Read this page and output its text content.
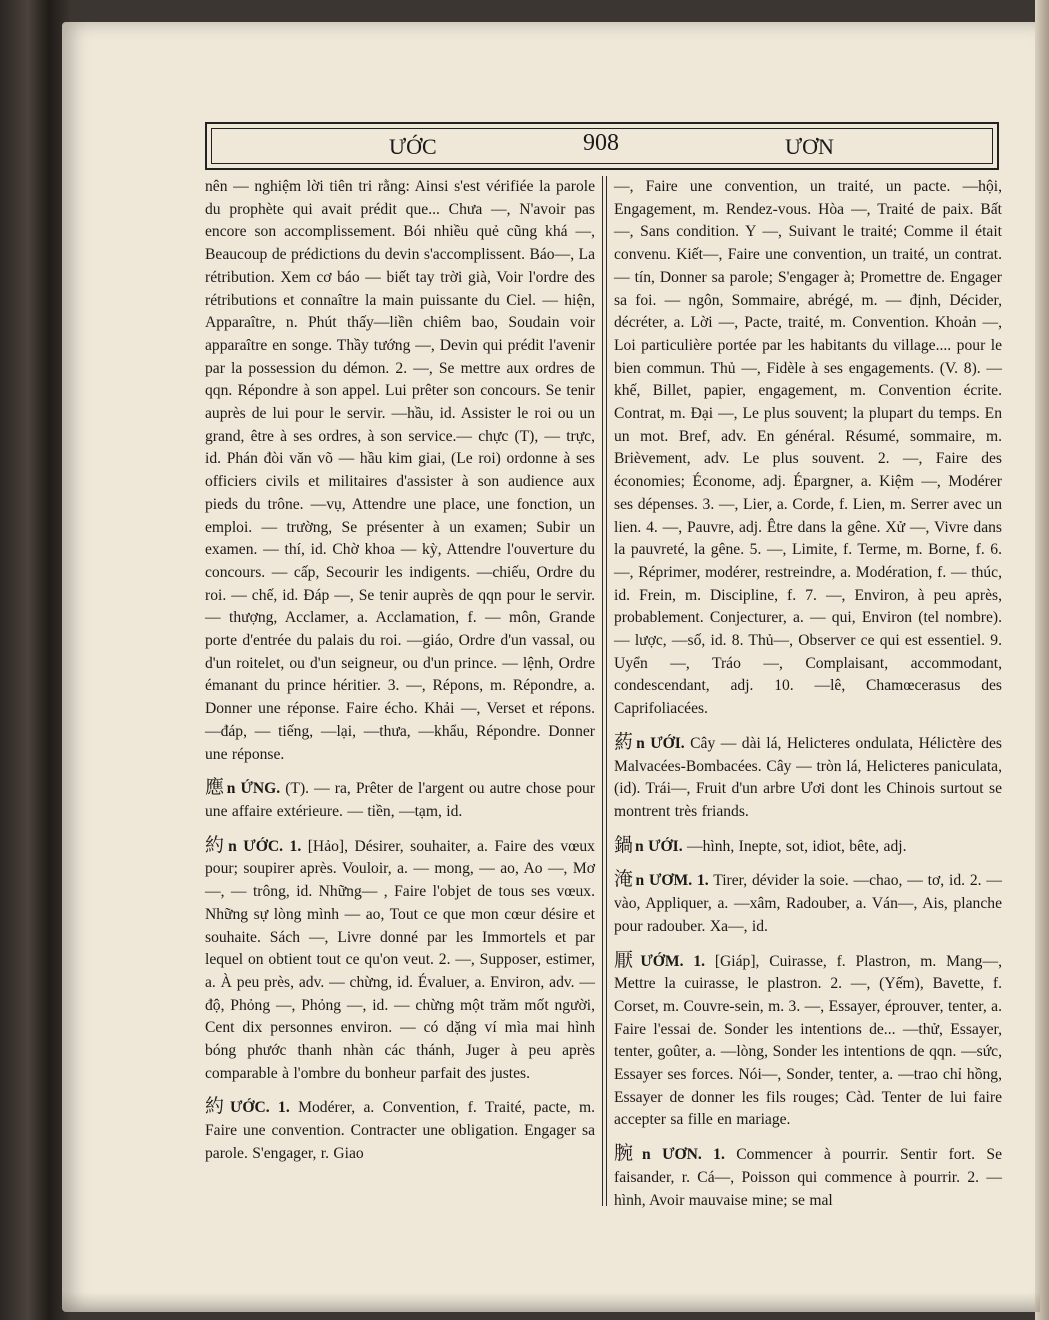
ƯỚC	908	ƯƠN

nên — nghiệm lời tiên tri rằng: Ainsi s'est vérifiée la parole du prophète qui avait prédit que... Chưa —, N'avoir pas encore son accomplissement. Bói nhiều quẻ cũng khá —, Beaucoup de prédictions du devin s'accomplissent. Báo—, La rétribution. Xem cơ báo — biết tay trời già, Voir l'ordre des rétributions et connaître la main puissante du Ciel. — hiện, Apparaître, n. Phút thấy—liền chiêm bao, Soudain voir apparaître en songe. Thầy tướng —, Devin qui prédit l'avenir par la possession du démon. 2. —, Se mettre aux ordres de qqn. Répondre à son appel. Lui prêter son concours. Se tenir auprès de lui pour le servir. —hầu, id. Assister le roi ou un grand, être à ses ordres, à son service.— chực (T), — trực, id. Phán đòi văn võ — hầu kim giai, (Le roi) ordonne à ses officiers civils et militaires d'assister à son audience aux pieds du trône. —vụ, Attendre une place, une fonction, un emploi. — trường, Se présenter à un examen; Subir un examen. — thí, id. Chờ khoa — kỳ, Attendre l'ouverture du concours. — cấp, Secourir les indigents. —chiếu, Ordre du roi. — chế, id. Đáp —, Se tenir auprès de qqn pour le servir. — thượng, Acclamer, a. Acclamation, f. — môn, Grande porte d'entrée du palais du roi. —giáo, Ordre d'un vassal, ou d'un roitelet, ou d'un seigneur, ou d'un prince. — lệnh, Ordre émanant du prince héritier. 3. —, Répons, m. Répondre, a. Donner une réponse. Faire écho. Khải —, Verset et répons. —đáp, — tiếng, —lại, —thưa, —khẩu, Répondre. Donner une réponse.

應 n ỨNG. (T). — ra, Prêter de l'argent ou autre chose pour une affaire extérieure. — tiền, —tạm, id.

約 n ƯỚC. 1. [Hảo], Désirer, souhaiter, a. Faire des vœux pour; soupirer après. Vouloir, a. — mong, — ao, Ao —, Mơ—, — trông, id. Những— , Faire l'objet de tous ses vœux. Những sự lòng mình — ao, Tout ce que mon cœur désire et souhaite. Sách —, Livre donné par les Immortels et par lequel on obtient tout ce qu'on veut. 2. —, Supposer, estimer, a. À peu près, adv. — chừng, id. Évaluer, a. Environ, adv. — độ, Phỏng —, Phỏng —, id. — chừng một trăm mốt người, Cent dix personnes environ. — có dặng ví mìa mai hình bóng phước thanh nhàn các thánh, Juger à peu après comparable à l'ombre du bonheur parfait des justes.

約 ƯỚC. 1. Modérer, a. Convention, f. Traité, pacte, m. Faire une convention. Contracter une obligation. Engager sa parole. S'engager, r. Giao

—, Faire une convention, un traité, un pacte. —hội, Engagement, m. Rendez-vous. Hòa —, Traité de paix. Bất —, Sans condition. Y —, Suivant le traité; Comme il était convenu. Kiết—, Faire une convention, un traité, un contrat. — tín, Donner sa parole; S'engager à; Promettre de. Engager sa foi. — ngôn, Sommaire, abrégé, m. — định, Décider, décréter, a. Lời —, Pacte, traité, m. Convention. Khoản —, Loi particulière portée par les habitants du village.... pour le bien commun. Thủ —, Fidèle à ses engagements. (V. 8). — khế, Billet, papier, engagement, m. Convention écrite. Contrat, m. Đại —, Le plus souvent; la plupart du temps. En un mot. Bref, adv. En général. Résumé, sommaire, m. Brièvement, adv. Le plus souvent. 2. —, Faire des économies; Économe, adj. Épargner, a. Kiệm —, Modérer ses dépenses. 3. —, Lier, a. Corde, f. Lien, m. Serrer avec un lien. 4. —, Pauvre, adj. Être dans la gêne. Xử —, Vivre dans la pauvreté, la gêne. 5. —, Limite, f. Terme, m. Borne, f. 6. —, Réprimer, modérer, restreindre, a. Modération, f. — thúc, id. Frein, m. Discipline, f. 7. —, Environ, à peu après, probablement. Conjecturer, a. — qui, Environ (tel nombre). — lược, —số, id. 8. Thủ—, Observer ce qui est essentiel. 9. Uyển —, Tráo —, Complaisant, accommodant, condescendant, adj. 10. —lê, Chamœcerasus des Caprifoliacées.

葯 n ƯỚI. Cây — dài lá, Helicteres ondulata, Hélictère des Malvacées-Bombacées. Cây — tròn lá, Helicteres paniculata, (id). Trái—, Fruit d'un arbre Ươi dont les Chinois surtout se montrent très friands.

鍋 n ƯỚI. —hình, Inepte, sot, idiot, bête, adj.

淹 n ƯƠM. 1. Tirer, dévider la soie. —chao, — tơ, id. 2. —vào, Appliquer, a. —xâm, Radouber, a. Ván—, Ais, planche pour radouber. Xa—, id.

厭 ƯỚM. 1. [Giáp], Cuirasse, f. Plastron, m. Mang—, Mettre la cuirasse, le plastron. 2. —, (Yếm), Bavette, f. Corset, m. Couvre-sein, m. 3. —, Essayer, éprouver, tenter, a. Faire l'essai de. Sonder les intentions de... —thử, Essayer, tenter, goûter, a. —lòng, Sonder les intentions de qqn. —sức, Essayer ses forces. Nói—, Sonder, tenter, a. —trao chỉ hồng, Essayer de donner les fils rouges; Càd. Tenter de lui faire accepter sa fille en mariage.

腕 n ƯƠN. 1. Commencer à pourrir. Sentir fort. Se faisander, r. Cá—, Poisson qui commence à pourrir. 2. —hình, Avoir mauvaise mine; se mal
